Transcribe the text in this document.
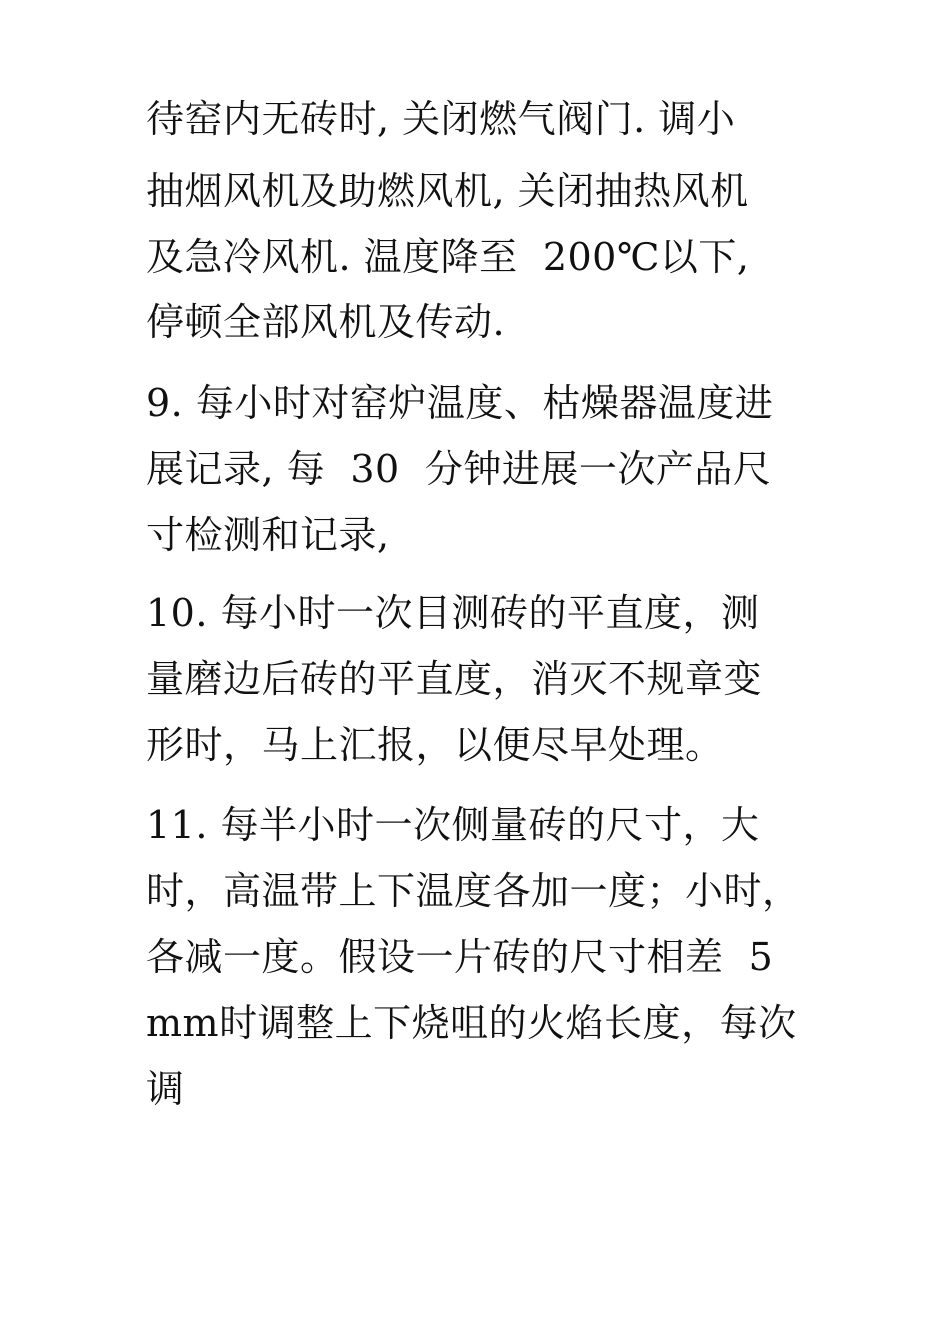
待窑内无砖时, 关闭燃气阀门. 调小
抽烟风机及助燃风机, 关闭抽热风机
及急冷风机. 温度降至  200℃以下,
停顿全部风机及传动.
9. 每小时对窑炉温度、枯燥器温度进
展记录, 每  30  分钟进展一次产品尺
寸检测和记录,
10. 每小时一次目测砖的平直度，测
量磨边后砖的平直度，消灭不规章变
形时，马上汇报，以便尽早处理。
11. 每半小时一次侧量砖的尺寸，大
时，高温带上下温度各加一度；小时，
各减一度。假设一片砖的尺寸相差  5
mm时调整上下烧咀的火焰长度，每次
调
